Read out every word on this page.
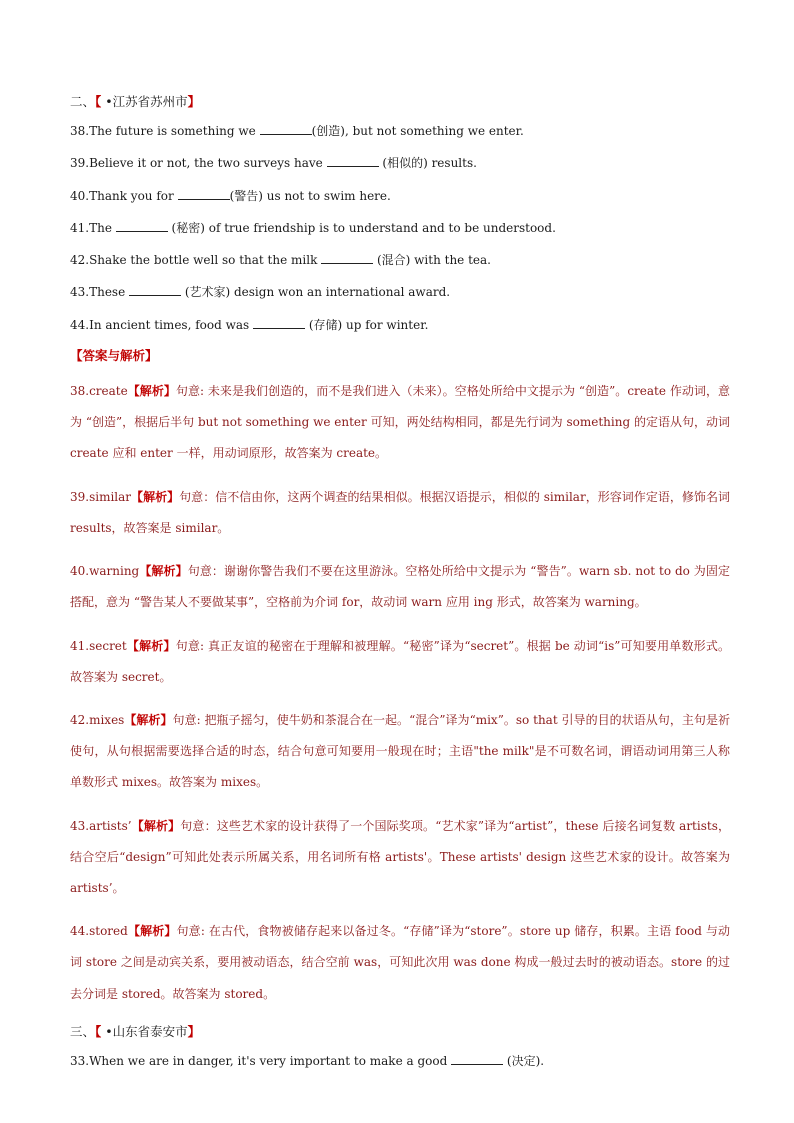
二、【 •江苏省苏州市】

38.The future is something we	(创造), but not something we enter.

39.Believe it or not, the two surveys have	(相似的) results.

40.Thank you for	(警告) us not to swim here.

41.The	(秘密) of true friendship is to understand and to be understood.

42.Shake the bottle well so that the milk	(混合) with the tea.

43.These	(艺术家) design won an international award.

44.In ancient times, food was	(存储) up for winter.

【答案与解析】

38.create【解析】句意: 未来是我们创造的，而不是我们进入（未来）。空格处所给中文提示为 “创造”。create 作动词，意为 “创造”，根据后半句 but not something we enter 可知，两处结构相同，都是先行词为 something 的定语从句，动词 create 应和 enter 一样，用动词原形，故答案为 create。

39.similar【解析】句意：信不信由你，这两个调查的结果相似。根据汉语提示，相似的 similar，形容词作定语，修饰名词 results，故答案是 similar。

40.warning【解析】句意：谢谢你警告我们不要在这里游泳。空格处所给中文提示为 “警告”。warn sb. not to do 为固定搭配，意为 “警告某人不要做某事”，空格前为介词 for，故动词 warn 应用 ing 形式，故答案为 warning。

41.secret【解析】句意: 真正友谊的秘密在于理解和被理解。“秘密”译为“secret”。根据 be 动词“is”可知要用单数形式。故答案为 secret。

42.mixes【解析】句意: 把瓶子摇匀，使牛奶和茶混合在一起。“混合”译为“mix”。so that 引导的目的状语从句，主句是祈使句，从句根据需要选择合适的时态，结合句意可知要用一般现在时；主语"the milk"是不可数名词，谓语动词用第三人称单数形式 mixes。故答案为 mixes。

43.artists’【解析】句意：这些艺术家的设计获得了一个国际奖项。“艺术家”译为“artist”，these 后接名词复数 artists，结合空后“design”可知此处表示所属关系，用名词所有格 artists'。These artists' design 这些艺术家的设计。故答案为 artists’。

44.stored【解析】句意: 在古代，食物被储存起来以备过冬。“存储”译为“store”。store up 储存，积累。主语 food 与动词 store 之间是动宾关系，要用被动语态，结合空前 was，可知此次用 was done 构成一般过去时的被动语态。store 的过去分词是 stored。故答案为 stored。

三、【 •山东省泰安市】

33.When we are in danger, it's very important to make a good	(决定).
